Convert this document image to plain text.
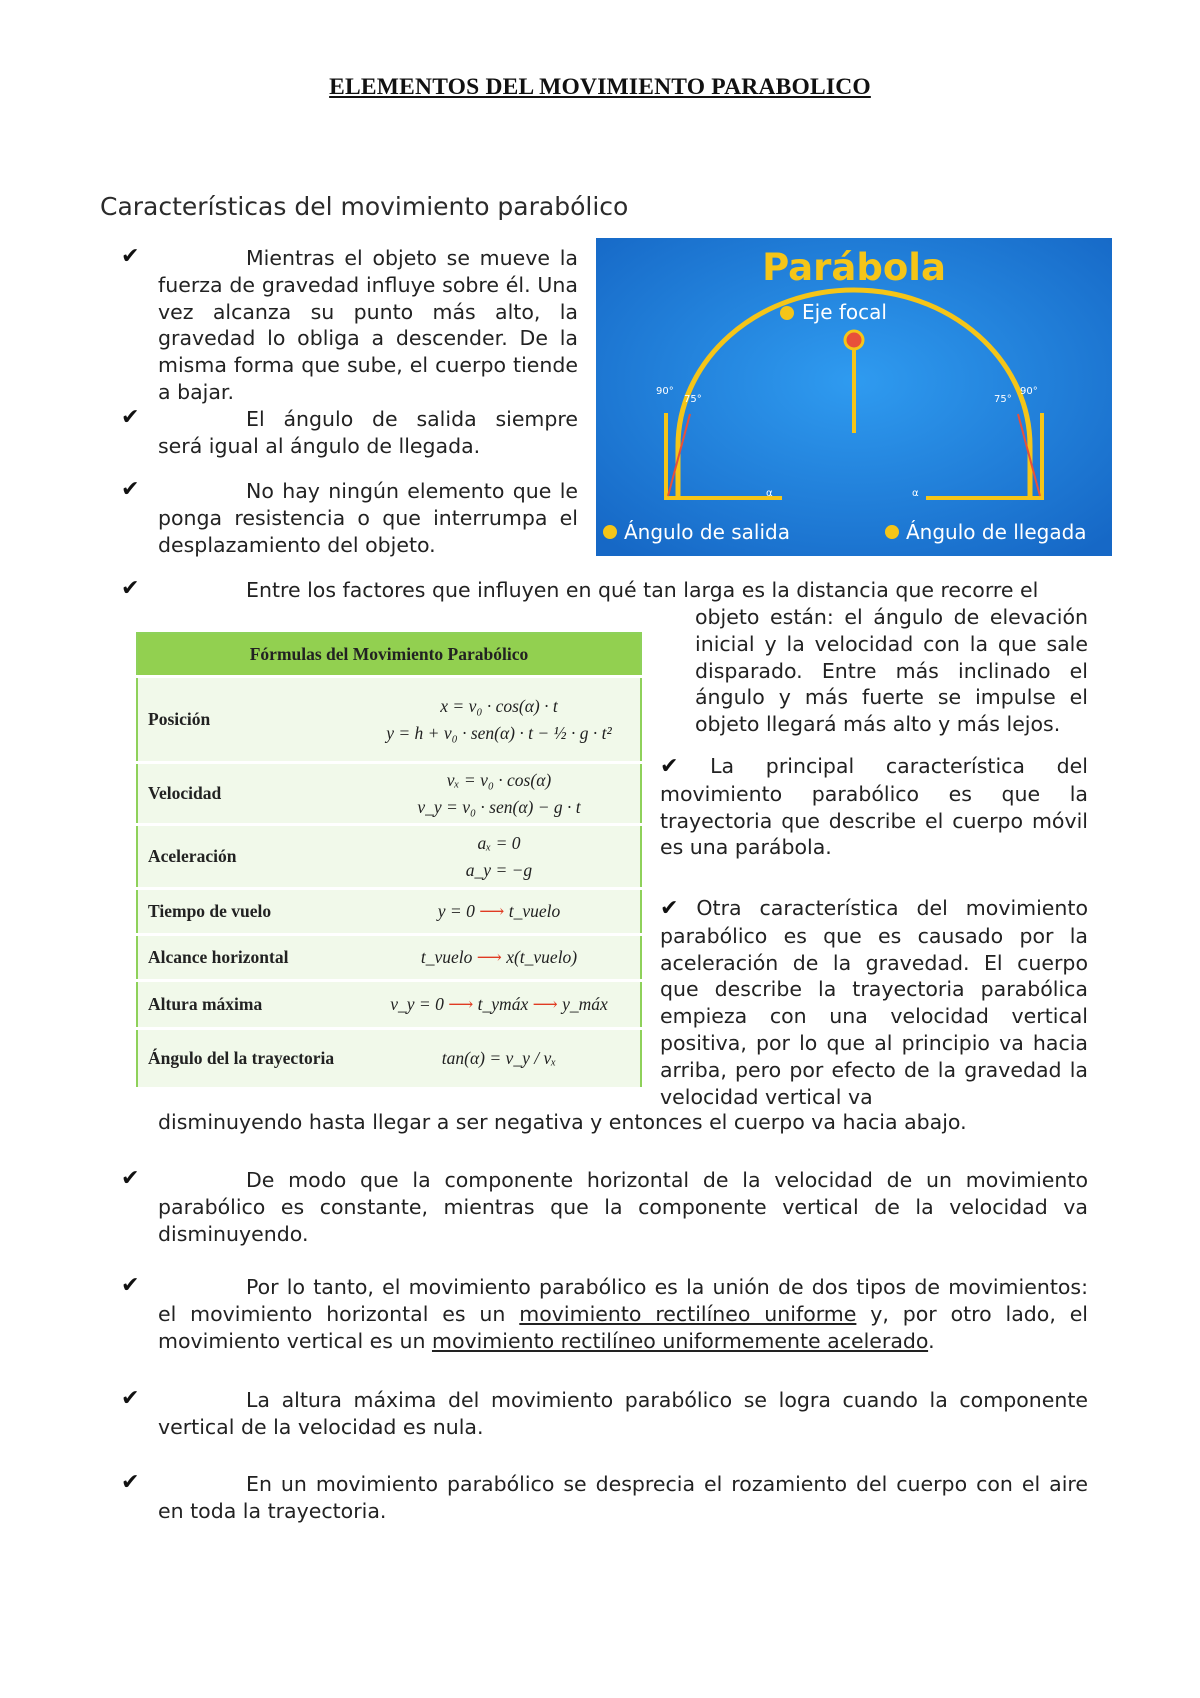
ELEMENTOS DEL MOVIMIENTO PARABOLICO
Características del movimiento parabólico
✔	Mientras el objeto se mueve la fuerza de gravedad influye sobre él. Una vez alcanza su punto más alto, la gravedad lo obliga a descender. De la misma forma que sube, el cuerpo tiende a bajar.
✔	El ángulo de salida siempre será igual al ángulo de llegada.
✔	No hay ningún elemento que le ponga resistencia o que interrumpa el desplazamiento del objeto.
Parábola
Eje focal
Ángulo de salida	Ángulo de llegada
90°
75°	75°
90°
α	α
✔	Entre los factores que influyen en qué tan larga es la distancia que recorre el
objeto están: el ángulo de elevación inicial y la velocidad con la que sale disparado. Entre más inclinado el ángulo y más fuerte se impulse el objeto llegará más alto y más lejos.
Fórmulas del Movimiento Parabólico	
Posición	x = v₀ · cos(α) · t
y = h + v₀ · sen(α) · t − ½ · g · t²

Velocidad	vₓ = v₀ · cos(α)
v_y = v₀ · sen(α) − g · t

Aceleración	aₓ = 0
a_y = −g

Tiempo de vuelo	y = 0 ⟶ t_vuelo
Alcance horizontal	t_vuelo ⟶ x(t_vuelo)
Altura máxima	v_y = 0 ⟶ t_ymáx ⟶ y_máx
Ángulo del la trayectoria	tan(α) = v_y / vₓ
✔ La principal característica del movimiento parabólico es que la trayectoria que describe el cuerpo móvil es una parábola.
✔ Otra característica del movimiento parabólico es que es causado por la aceleración de la gravedad. El cuerpo que describe la trayectoria parabólica empieza con una velocidad vertical positiva, por lo que al principio va hacia arriba, pero por efecto de la gravedad la velocidad vertical va
disminuyendo hasta llegar a ser negativa y entonces el cuerpo va hacia abajo.
✔	De modo que la componente horizontal de la velocidad de un movimiento parabólico es constante, mientras que la componente vertical de la velocidad va disminuyendo.
✔	Por lo tanto, el movimiento parabólico es la unión de dos tipos de movimientos: el movimiento horizontal es un movimiento rectilíneo uniforme y, por otro lado, el movimiento vertical es un movimiento rectilíneo uniformemente acelerado.
✔	La altura máxima del movimiento parabólico se logra cuando la componente vertical de la velocidad es nula.
✔	En un movimiento parabólico se desprecia el rozamiento del cuerpo con el aire en toda la trayectoria.
